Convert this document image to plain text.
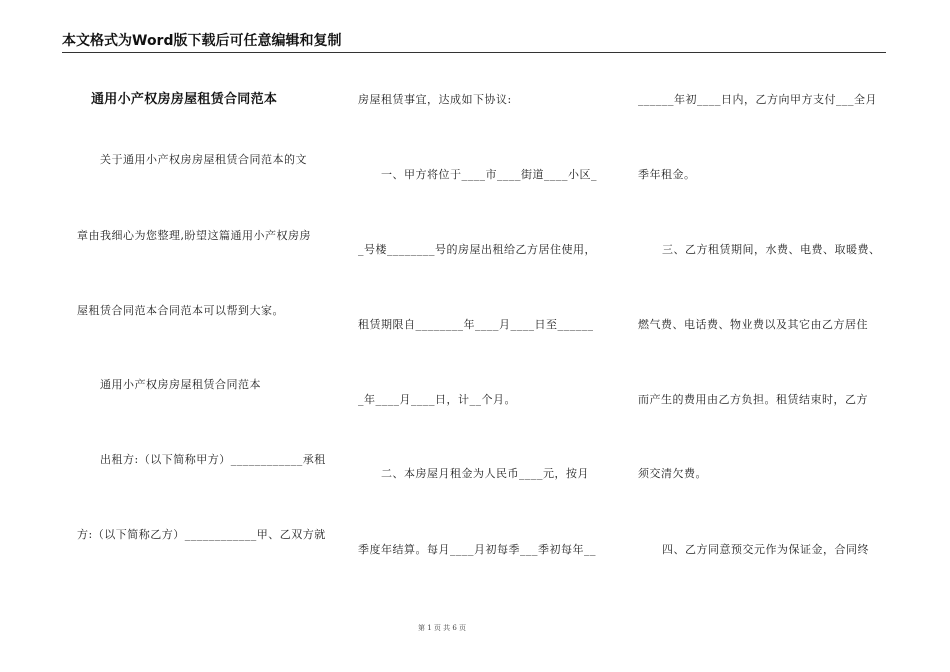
本文格式为Word版下载后可任意编辑和复制
通用小产权房房屋租赁合同范本
关于通用小产权房房屋租赁合同范本的文
章由我细心为您整理,盼望这篇通用小产权房房
屋租赁合同范本合同范本可以帮到大家。
通用小产权房房屋租赁合同范本
出租方:（以下简称甲方）____________承租
方:（以下简称乙方）____________甲、乙双方就
房屋租赁事宜，达成如下协议:
一、甲方将位于____市____街道____小区_
_号楼________号的房屋出租给乙方居住使用，
租赁期限自________年____月____日至______
_年____月____日，计__个月。
二、本房屋月租金为人民币____元，按月
季度年结算。每月____月初每季___季初每年__
______年初____日内，乙方向甲方支付___全月
季年租金。
三、乙方租赁期间，水费、电费、取暖费、
燃气费、电话费、物业费以及其它由乙方居住
而产生的费用由乙方负担。租赁结束时，乙方
须交清欠费。
四、乙方同意预交元作为保证金，合同终
第 1 页 共 6 页
